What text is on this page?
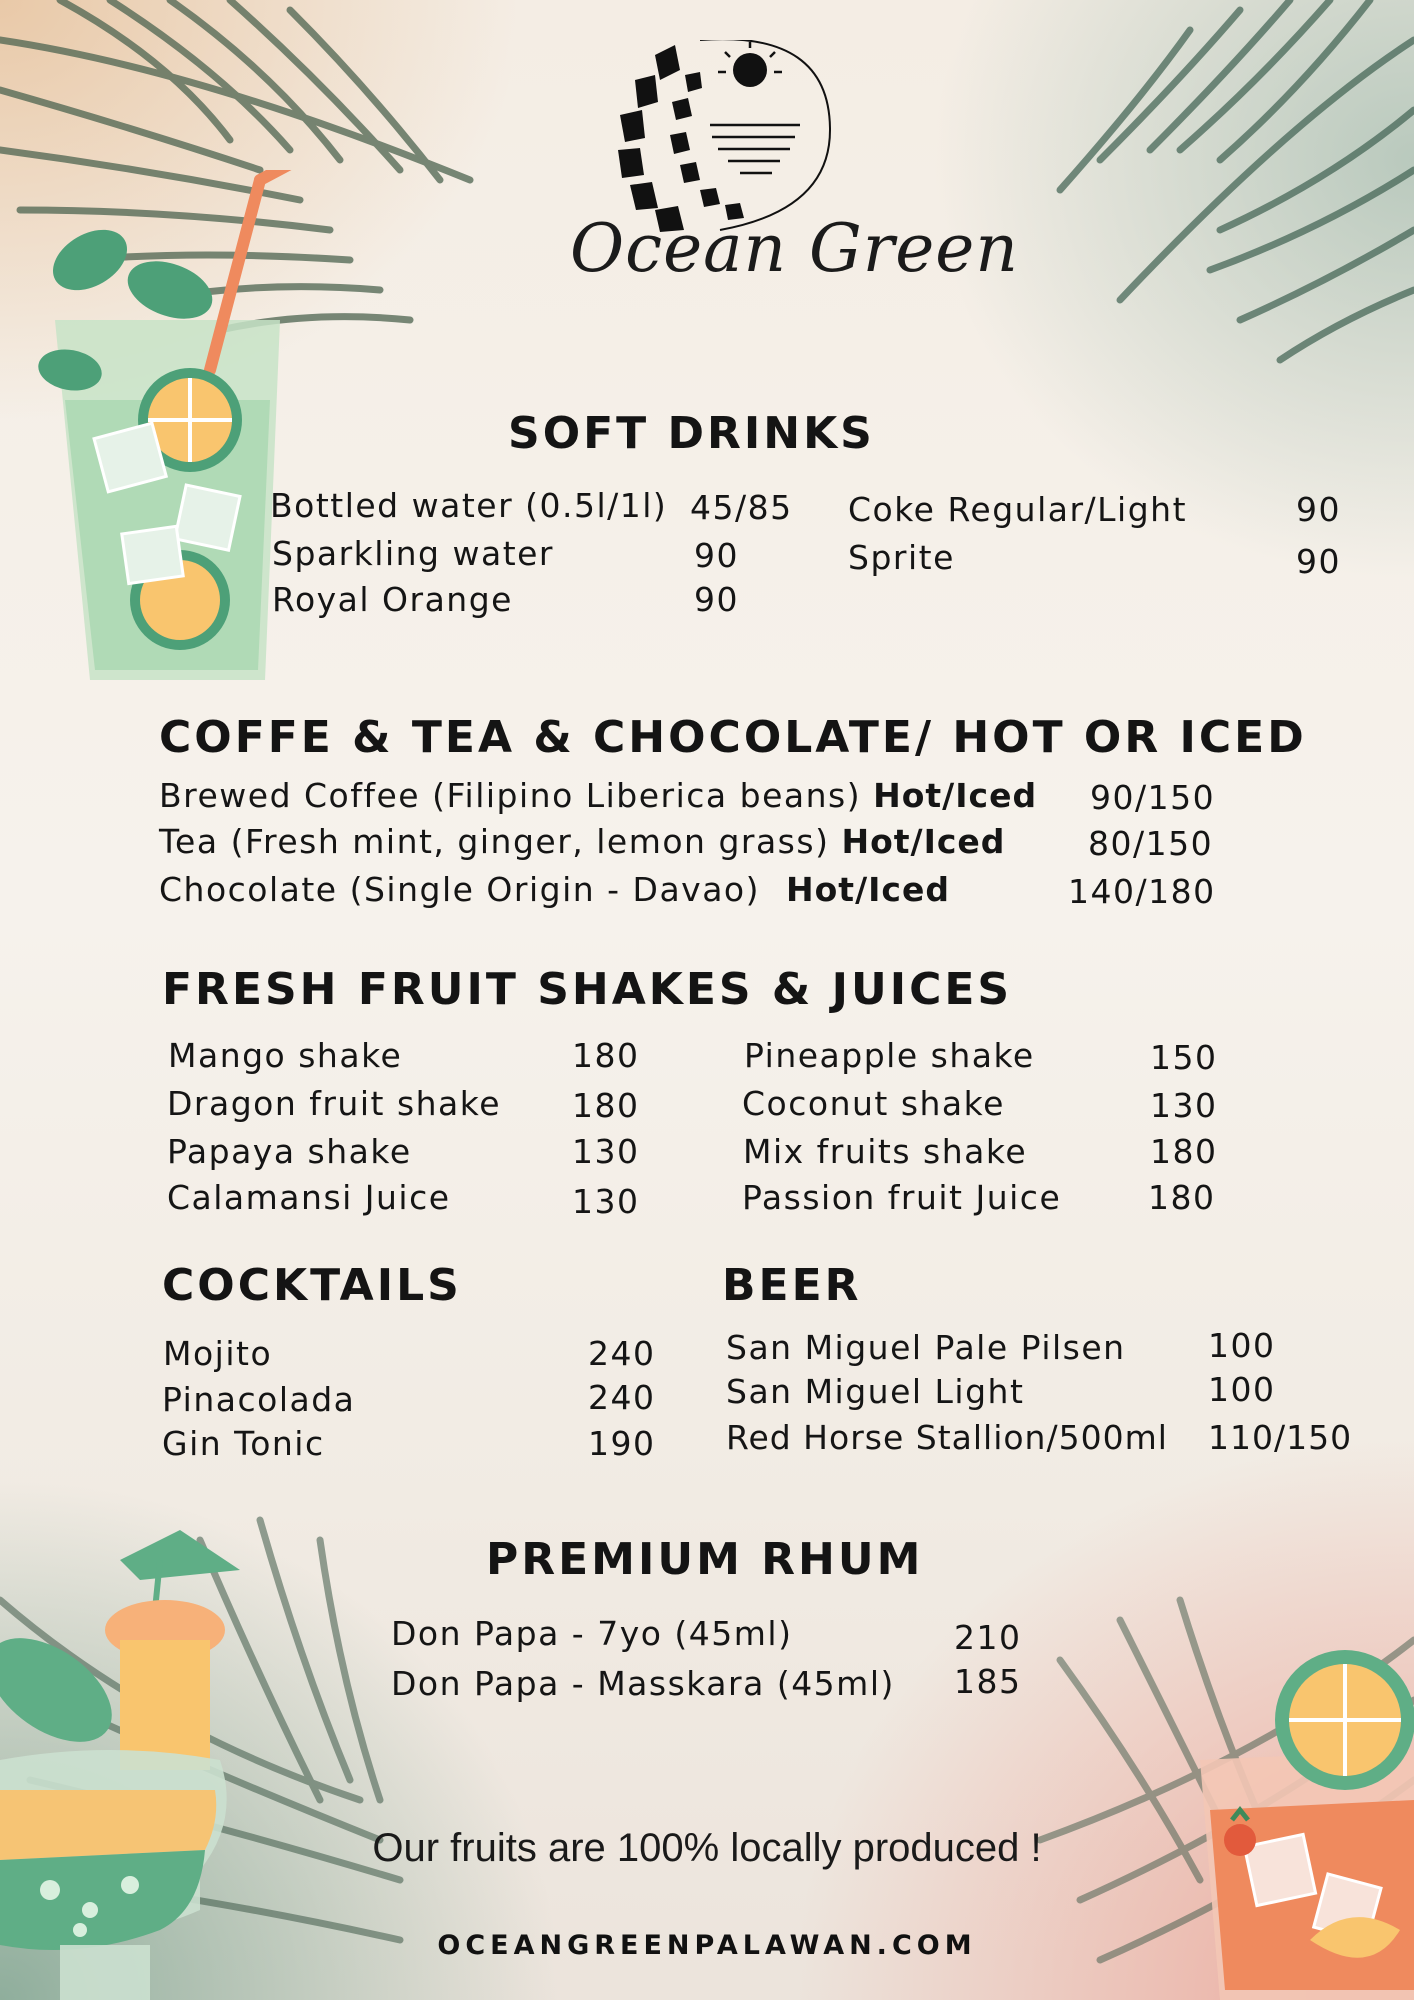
Ocean Green
SOFT DRINKS
Bottled water (0.5l/1l) 45/85
Sparkling water	90
Royal Orange	90
Coke Regular/Light	90
Sprite	90
COFFE & TEA & CHOCOLATE/ HOT OR ICED
Brewed Coffee (Filipino Liberica beans) Hot/Iced 90/150
Tea (Fresh mint, ginger, lemon grass) Hot/Iced	80/150
Chocolate (Single Origin - Davao) Hot/Iced	140/180
FRESH FRUIT SHAKES & JUICES
Mango shake	180
Dragon fruit shake 180
Papaya shake	130
Calamansi Juice	130
Pineapple shake	150
Coconut shake	130
Mix fruits shake	180
Passion fruit Juice	180
COCKTAILS
Mojito	240
Pinacolada	240
Gin Tonic	190
BEER
San Miguel Pale Pilsen 100
San Miguel Light	100
Red Horse Stallion/500ml 110/150
PREMIUM RHUM
Don Papa - 7yo (45ml)	210
Don Papa - Masskara (45ml) 185
Our fruits are 100% locally produced !
OCEANGREENPALAWAN.COM
